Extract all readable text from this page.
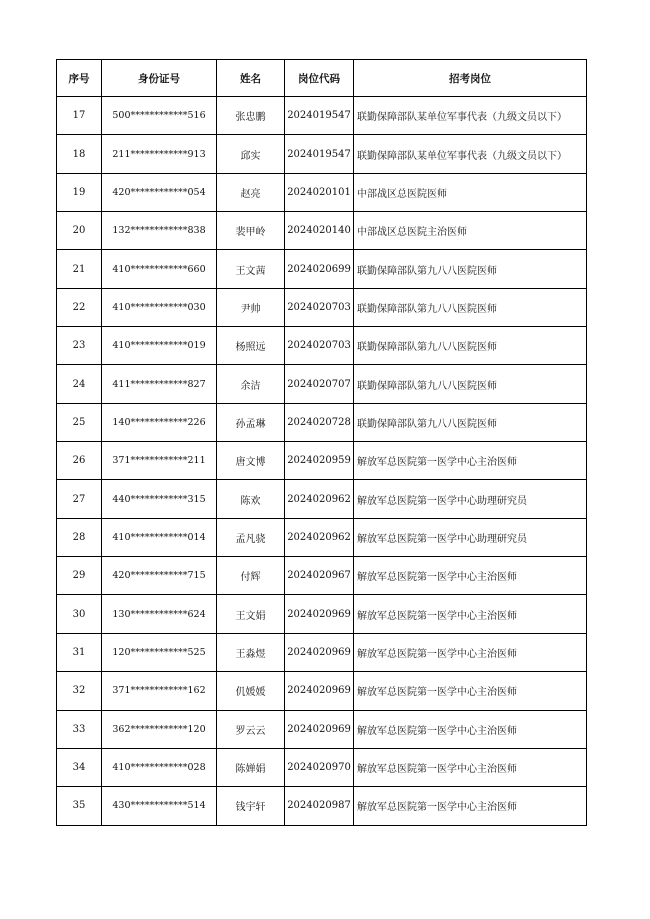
序号	身份证号	姓名	岗位代码	招考岗位
17	500************516	张忠鹏	2024019547	联勤保障部队某单位军事代表（九级文员以下）
18	211************913	邱实	2024019547	联勤保障部队某单位军事代表（九级文员以下）
19	420************054	赵亮	2024020101	中部战区总医院医师
20	132************838	裴甲岭	2024020140	中部战区总医院主治医师
21	410************660	王文茜	2024020699	联勤保障部队第九八八医院医师
22	410************030	尹帅	2024020703	联勤保障部队第九八八医院医师
23	410************019	杨照远	2024020703	联勤保障部队第九八八医院医师
24	411************827	余洁	2024020707	联勤保障部队第九八八医院医师
25	140************226	孙孟琳	2024020728	联勤保障部队第九八八医院医师
26	371************211	唐文博	2024020959	解放军总医院第一医学中心主治医师
27	440************315	陈欢	2024020962	解放军总医院第一医学中心助理研究员
28	410************014	孟凡骁	2024020962	解放军总医院第一医学中心助理研究员
29	420************715	付辉	2024020967	解放军总医院第一医学中心主治医师
30	130************624	王文娟	2024020969	解放军总医院第一医学中心主治医师
31	120************525	王淼煜	2024020969	解放军总医院第一医学中心主治医师
32	371************162	仉媛媛	2024020969	解放军总医院第一医学中心主治医师
33	362************120	罗云云	2024020969	解放军总医院第一医学中心主治医师
34	410************028	陈婵娟	2024020970	解放军总医院第一医学中心主治医师
35	430************514	钱宇轩	2024020987	解放军总医院第一医学中心主治医师
